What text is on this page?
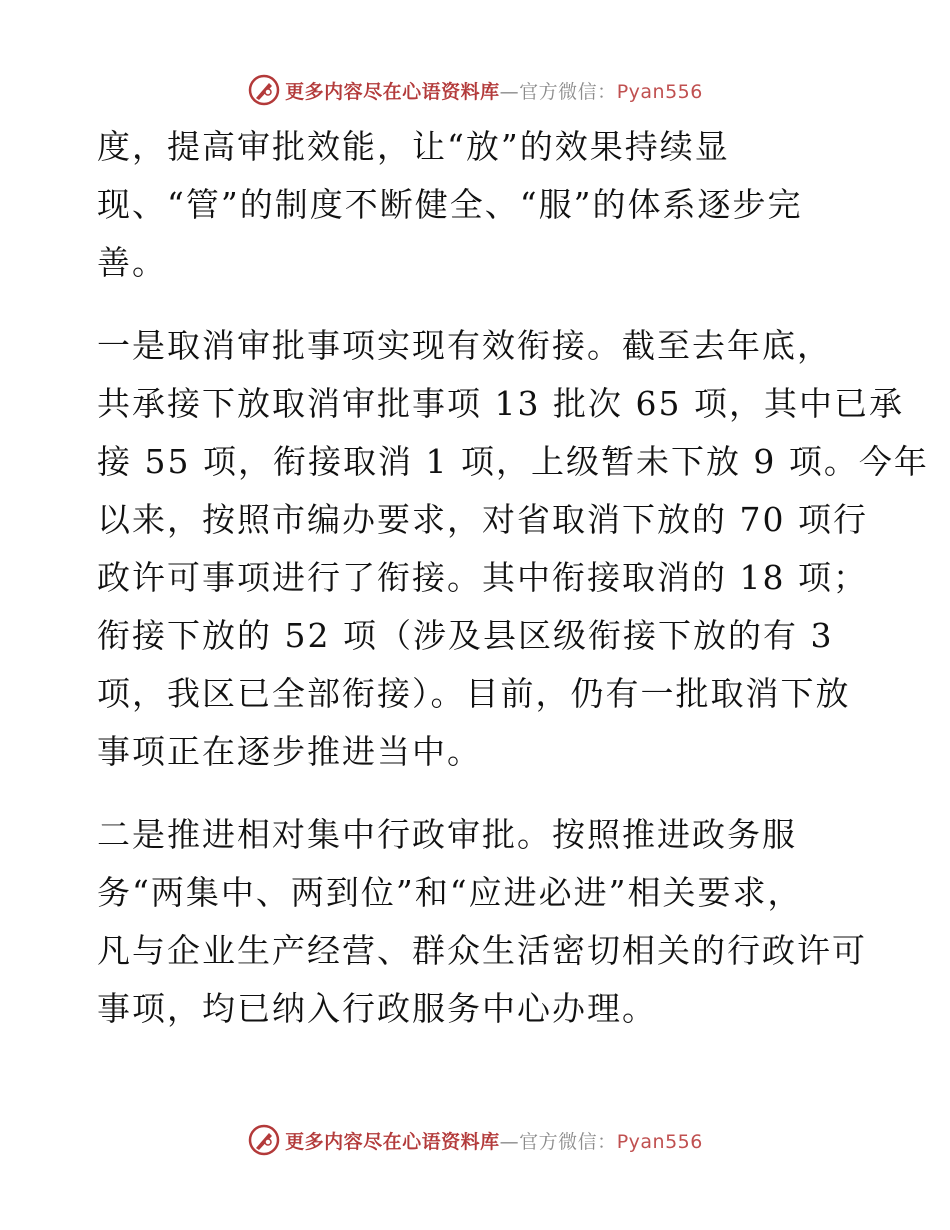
更多内容尽在心语资料库—官方微信：Pyan556

度，提高审批效能，让“放”的效果持续显
现、“管”的制度不断健全、“服”的体系逐步完
善。

一是取消审批事项实现有效衔接。截至去年底，
共承接下放取消审批事项 13 批次 65 项，其中已承
接 55 项，衔接取消 1 项，上级暂未下放 9 项。今年
以来，按照市编办要求，对省取消下放的 70 项行
政许可事项进行了衔接。其中衔接取消的 18 项；
衔接下放的 52 项（涉及县区级衔接下放的有 3
项，我区已全部衔接）。目前，仍有一批取消下放
事项正在逐步推进当中。

二是推进相对集中行政审批。按照推进政务服
务“两集中、两到位”和“应进必进”相关要求，
凡与企业生产经营、群众生活密切相关的行政许可
事项，均已纳入行政服务中心办理。

更多内容尽在心语资料库—官方微信：Pyan556
